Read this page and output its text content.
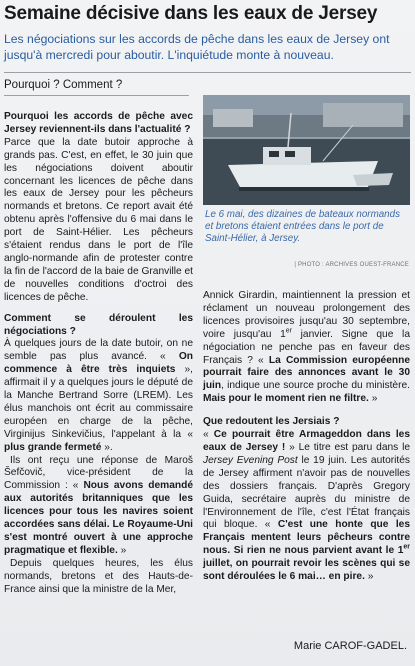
Semaine décisive dans les eaux de Jersey

Les négociations sur les accords de pêche dans les eaux de Jersey ont jusqu'à mercredi pour aboutir. L'inquiétude monte à nouveau.

Pourquoi ? Comment ?

Pourquoi les accords de pêche avec Jersey reviennent-ils dans l'actualité ?

Parce que la date butoir approche à grands pas. C'est, en effet, le 30 juin que les négociations doivent aboutir concernant les licences de pêche dans les eaux de Jersey pour les pêcheurs normands et bretons. Ce report avait été obtenu après l'offensive du 6 mai dans le port de Saint-Hélier. Les pêcheurs s'étaient rendus dans le port de l'île anglo-normande afin de protester contre la fin de l'accord de la baie de Granville et de nouvelles conditions d'octroi des licences de pêche.

Comment se déroulent les négociations ?

À quelques jours de la date butoir, on ne semble pas plus avancé. « On commence à être très inquiets », affirmait il y a quelques jours le député de la Manche Bertrand Sorre (LREM). Les élus manchois ont écrit au commissaire européen en charge de la pêche, Virginijus Sinkevičius, l'appelant à la « plus grande fermeté ».

Ils ont reçu une réponse de Maroš Šefčovič, vice-président de la Commission : « Nous avons demandé aux autorités britanniques que les licences pour tous les navires soient accordées sans délai. Le Royaume-Uni s'est montré ouvert à une approche pragmatique et flexible. »

Depuis quelques heures, les élus normands, bretons et des Hauts-de-France ainsi que la ministre de la Mer,

Le 6 mai, des dizaines de bateaux normands et bretons étaient entrées dans le port de Saint-Hélier, à Jersey.
| PHOTO : ARCHIVES OUEST-FRANCE

Annick Girardin, maintiennent la pression et réclament un nouveau prolongement des licences provisoires jusqu'au 30 septembre, voire jusqu'au 1er janvier. Signe que la négociation ne penche pas en faveur des Français ? « La Commission européenne pourrait faire des annonces avant le 30 juin, indique une source proche du ministère. Mais pour le moment rien ne filtre. »

Que redoutent les Jersiais ?

« Ce pourrait être Armageddon dans les eaux de Jersey ! » Le titre est paru dans le Jersey Evening Post le 19 juin. Les autorités de Jersey affirment n'avoir pas de nouvelles des dossiers français. D'après Gregory Guida, secrétaire auprès du ministre de l'Environnement de l'île, c'est l'État français qui bloque. « C'est une honte que les Français mentent leurs pêcheurs contre nous. Si rien ne nous parvient avant le 1er juillet, on pourrait revoir les scènes qui se sont déroulées le 6 mai… en pire. »

Marie CAROF-GADEL.
